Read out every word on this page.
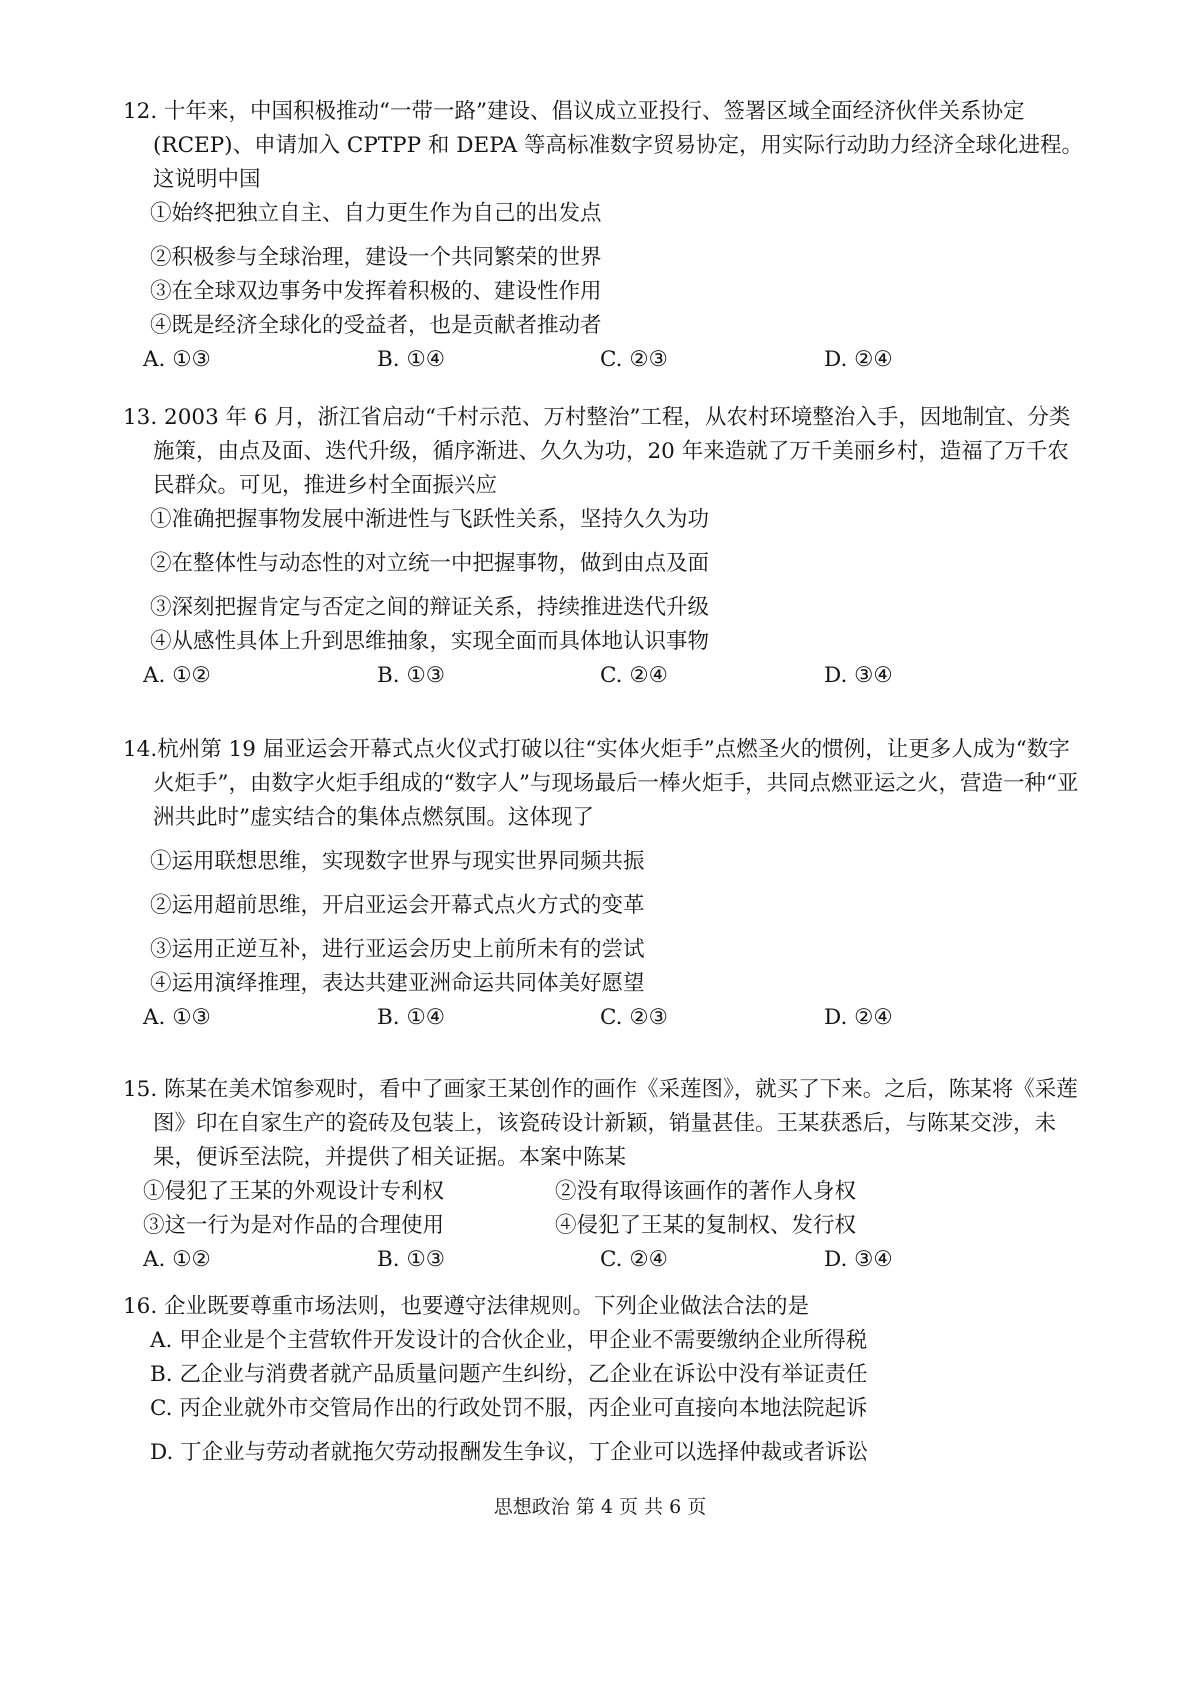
12. 十年来，中国积极推动“一带一路”建设、倡议成立亚投行、签署区域全面经济伙伴关系协定(RCEP)、申请加入 CPTPP 和 DEPA 等高标准数字贸易协定，用实际行动助力经济全球化进程。这说明中国
①始终把独立自主、自力更生作为自己的出发点
②积极参与全球治理，建设一个共同繁荣的世界
③在全球双边事务中发挥着积极的、建设性作用
④既是经济全球化的受益者，也是贡献者推动者
A. ①③	B. ①④	C. ②③	D. ②④
13. 2003 年 6 月，浙江省启动“千村示范、万村整治”工程，从农村环境整治入手，因地制宜、分类施策，由点及面、迭代升级，循序渐进、久久为功，20 年来造就了万千美丽乡村，造福了万千农民群众。可见，推进乡村全面振兴应
①准确把握事物发展中渐进性与飞跃性关系，坚持久久为功
②在整体性与动态性的对立统一中把握事物，做到由点及面
③深刻把握肯定与否定之间的辩证关系，持续推进迭代升级
④从感性具体上升到思维抽象，实现全面而具体地认识事物
A. ①②	B. ①③	C. ②④	D. ③④
14.杭州第 19 届亚运会开幕式点火仪式打破以往“实体火炬手”点燃圣火的惯例，让更多人成为“数字火炬手”，由数字火炬手组成的“数字人”与现场最后一棒火炬手，共同点燃亚运之火，营造一种“亚洲共此时”虚实结合的集体点燃氛围。这体现了
①运用联想思维，实现数字世界与现实世界同频共振
②运用超前思维，开启亚运会开幕式点火方式的变革
③运用正逆互补，进行亚运会历史上前所未有的尝试
④运用演绎推理，表达共建亚洲命运共同体美好愿望
A. ①③	B. ①④	C. ②③	D. ②④
15. 陈某在美术馆参观时，看中了画家王某创作的画作《采莲图》，就买了下来。之后，陈某将《采莲图》印在自家生产的瓷砖及包装上，该瓷砖设计新颖，销量甚佳。王某获悉后，与陈某交涉，未果，便诉至法院，并提供了相关证据。本案中陈某
①侵犯了王某的外观设计专利权	②没有取得该画作的著作人身权
③这一行为是对作品的合理使用	④侵犯了王某的复制权、发行权
A. ①②	B. ①③	C. ②④	D. ③④
16. 企业既要尊重市场法则，也要遵守法律规则。下列企业做法合法的是
A. 甲企业是个主营软件开发设计的合伙企业，甲企业不需要缴纳企业所得税
B. 乙企业与消费者就产品质量问题产生纠纷，乙企业在诉讼中没有举证责任
C. 丙企业就外市交管局作出的行政处罚不服，丙企业可直接向本地法院起诉
D. 丁企业与劳动者就拖欠劳动报酬发生争议，丁企业可以选择仲裁或者诉讼
思想政治 第 4 页 共 6 页
